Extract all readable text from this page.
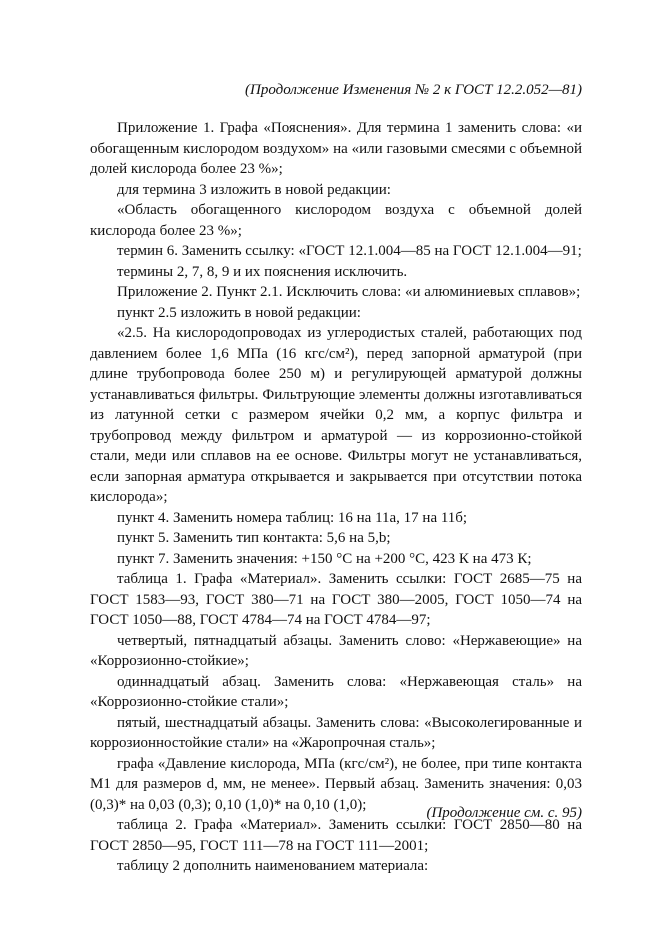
(Продолжение Изменения № 2 к ГОСТ 12.2.052—81)

Приложение 1. Графа «Пояснения». Для термина 1 заменить слова: «и обогащенным кислородом воздухом» на «или газовыми смесями с объемной долей кислорода более 23 %»;

для термина 3 изложить в новой редакции:

«Область обогащенного кислородом воздуха с объемной долей кислорода более 23 %»;

термин 6. Заменить ссылку: «ГОСТ 12.1.004—85 на ГОСТ 12.1.004—91;

термины 2, 7, 8, 9 и их пояснения исключить.

Приложение 2. Пункт 2.1. Исключить слова: «и алюминиевых сплавов»;

пункт 2.5 изложить в новой редакции:

«2.5. На кислородопроводах из углеродистых сталей, работающих под давлением более 1,6 МПа (16 кгс/см²), перед запорной арматурой (при длине трубопровода более 250 м) и регулирующей арматурой должны устанавливаться фильтры. Фильтрующие элементы должны изготавливаться из латунной сетки с размером ячейки 0,2 мм, а корпус фильтра и трубопровод между фильтром и арматурой — из коррозионно-стойкой стали, меди или сплавов на ее основе. Фильтры могут не устанавливаться, если запорная арматура открывается и закрывается при отсутствии потока кислорода»;

пункт 4. Заменить номера таблиц: 16 на 11а, 17 на 11б;

пункт 5. Заменить тип контакта: 5,6 на 5,b;

пункт 7. Заменить значения: +150 °С на +200 °С, 423 К на 473 К;

таблица 1. Графа «Материал». Заменить ссылки: ГОСТ 2685—75 на ГОСТ 1583—93, ГОСТ 380—71 на ГОСТ 380—2005, ГОСТ 1050—74 на ГОСТ 1050—88, ГОСТ 4784—74 на ГОСТ 4784—97;

четвертый, пятнадцатый абзацы. Заменить слово: «Нержавеющие» на «Коррозионно-стойкие»;

одиннадцатый абзац. Заменить слова: «Нержавеющая сталь» на «Коррозионно-стойкие стали»;

пятый, шестнадцатый абзацы. Заменить слова: «Высоколегированные и коррозионностойкие стали» на «Жаропрочная сталь»;

графа «Давление кислорода, МПа (кгс/см²), не более, при типе контакта М1 для размеров d, мм, не менее». Первый абзац. Заменить значения: 0,03 (0,3)* на 0,03 (0,3); 0,10 (1,0)* на 0,10 (1,0);

таблица 2. Графа «Материал». Заменить ссылки: ГОСТ 2850—80 на ГОСТ 2850—95, ГОСТ 111—78 на ГОСТ 111—2001;

таблицу 2 дополнить наименованием материала:

(Продолжение см. с. 95)
